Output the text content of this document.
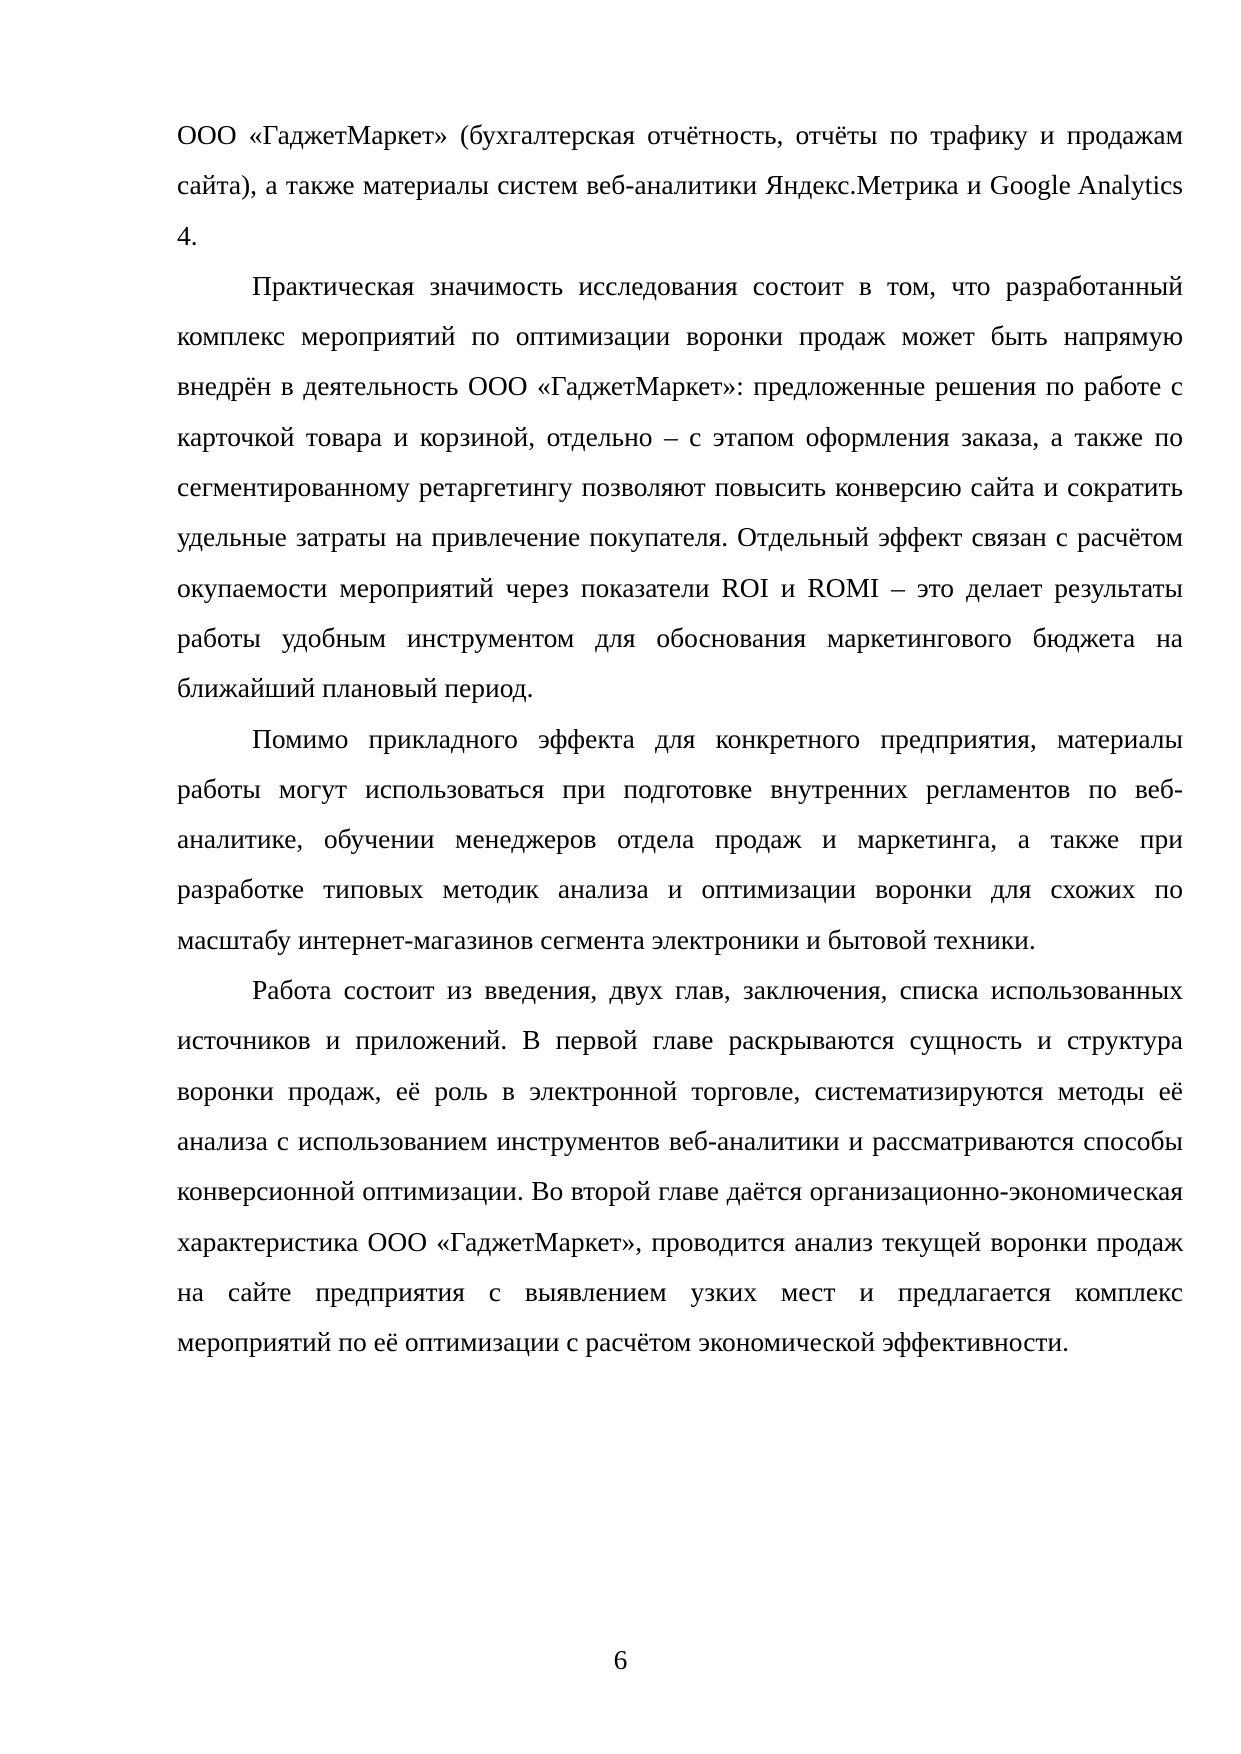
ООО «ГаджетМаркет» (бухгалтерская отчётность, отчёты по трафику и продажам сайта), а также материалы систем веб-аналитики Яндекс.Метрика и Google Analytics 4.

Практическая значимость исследования состоит в том, что разработанный комплекс мероприятий по оптимизации воронки продаж может быть напрямую внедрён в деятельность ООО «ГаджетМаркет»: предложенные решения по работе с карточкой товара и корзиной, отдельно – с этапом оформления заказа, а также по сегментированному ретаргетингу позволяют повысить конверсию сайта и сократить удельные затраты на привлечение покупателя. Отдельный эффект связан с расчётом окупаемости мероприятий через показатели ROI и ROMI – это делает результаты работы удобным инструментом для обоснования маркетингового бюджета на ближайший плановый период.

Помимо прикладного эффекта для конкретного предприятия, материалы работы могут использоваться при подготовке внутренних регламентов по веб-аналитике, обучении менеджеров отдела продаж и маркетинга, а также при разработке типовых методик анализа и оптимизации воронки для схожих по масштабу интернет-магазинов сегмента электроники и бытовой техники.

Работа состоит из введения, двух глав, заключения, списка использованных источников и приложений. В первой главе раскрываются сущность и структура воронки продаж, её роль в электронной торговле, систематизируются методы её анализа с использованием инструментов веб-аналитики и рассматриваются способы конверсионной оптимизации. Во второй главе даётся организационно-экономическая характеристика ООО «ГаджетМаркет», проводится анализ текущей воронки продаж на сайте предприятия с выявлением узких мест и предлагается комплекс мероприятий по её оптимизации с расчётом экономической эффективности.

6
